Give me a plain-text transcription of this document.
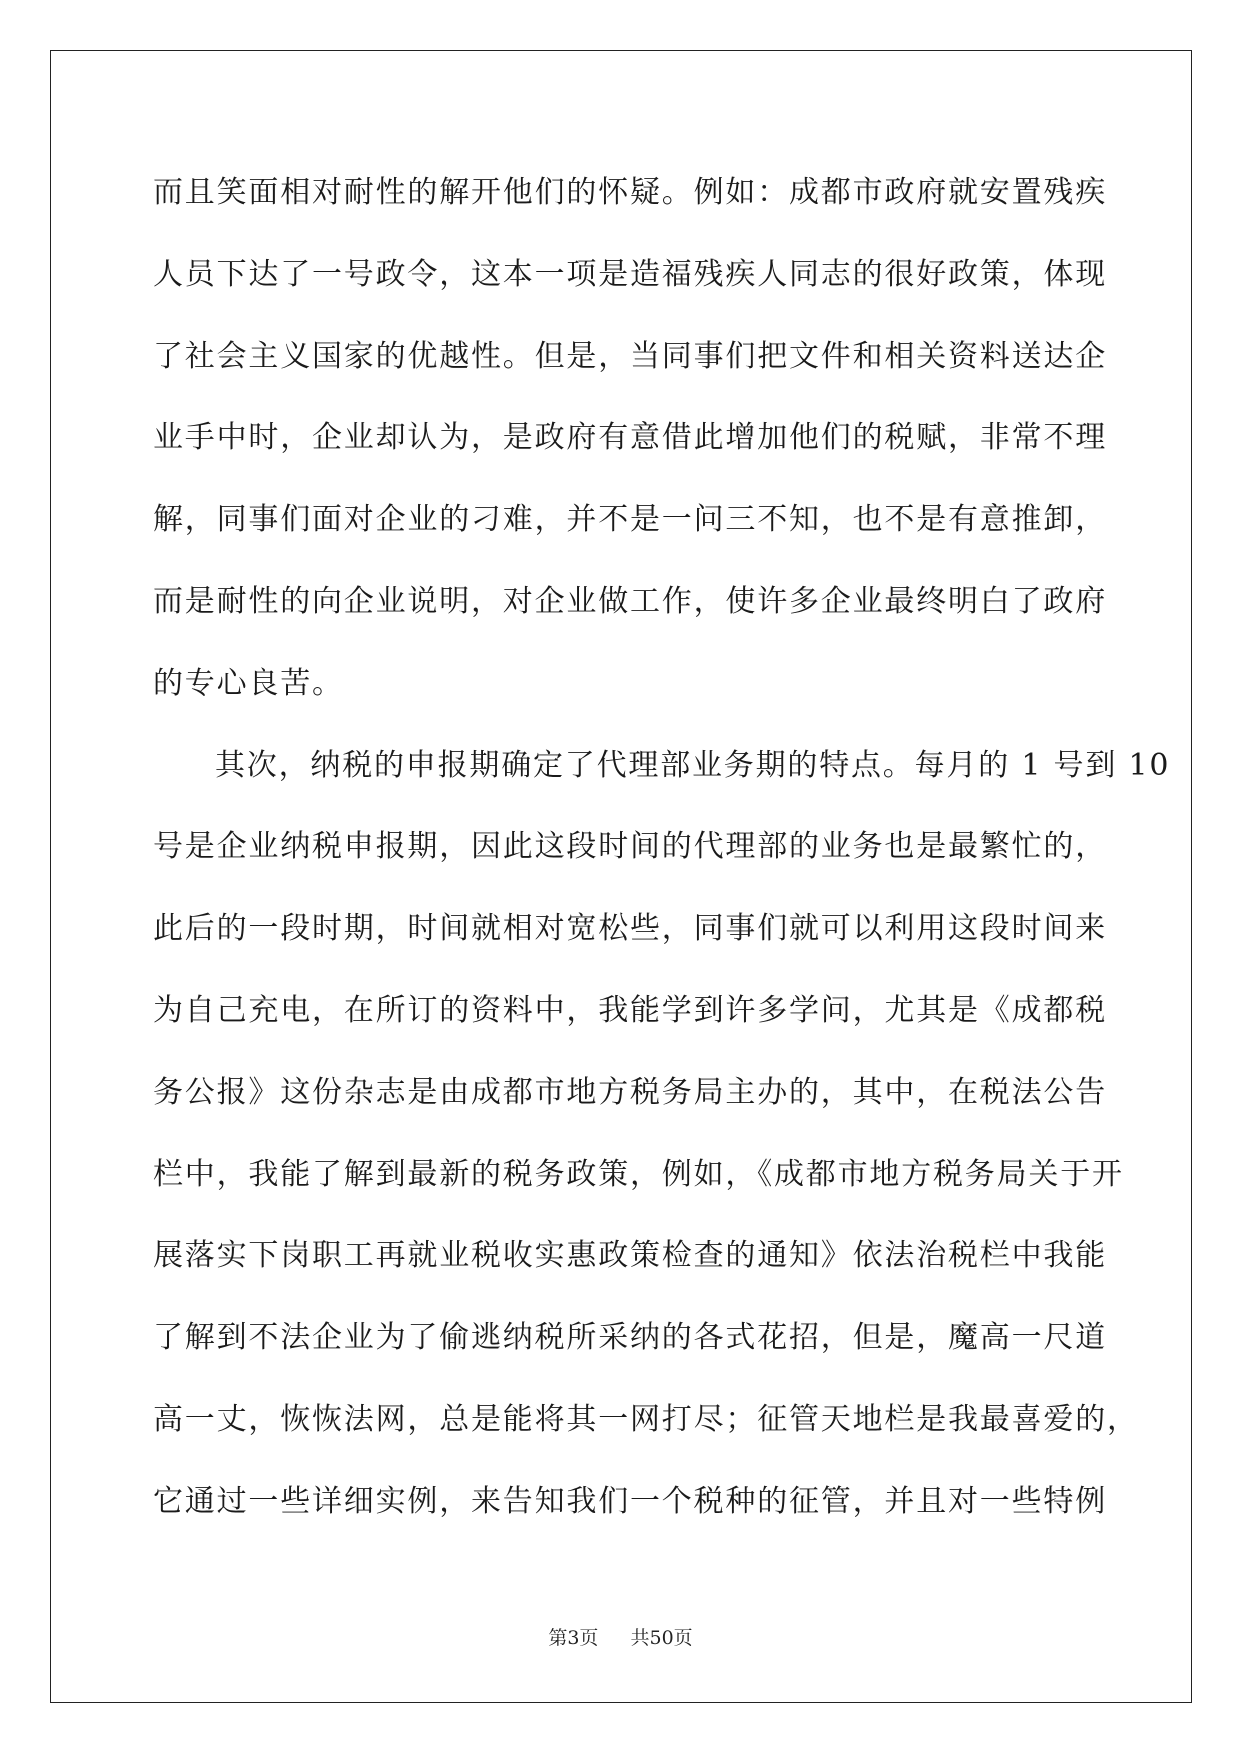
而且笑面相对耐性的解开他们的怀疑。例如：成都市政府就安置残疾
人员下达了一号政令，这本一项是造福残疾人同志的很好政策，体现
了社会主义国家的优越性。但是，当同事们把文件和相关资料送达企
业手中时，企业却认为，是政府有意借此增加他们的税赋，非常不理
解，同事们面对企业的刁难，并不是一问三不知，也不是有意推卸，
而是耐性的向企业说明，对企业做工作，使许多企业最终明白了政府
的专心良苦。
其次，纳税的申报期确定了代理部业务期的特点。每月的 1 号到 10
号是企业纳税申报期，因此这段时间的代理部的业务也是最繁忙的，
此后的一段时期，时间就相对宽松些，同事们就可以利用这段时间来
为自己充电，在所订的资料中，我能学到许多学问，尤其是《成都税
务公报》这份杂志是由成都市地方税务局主办的，其中，在税法公告
栏中，我能了解到最新的税务政策，例如，《成都市地方税务局关于开
展落实下岗职工再就业税收实惠政策检查的通知》依法治税栏中我能
了解到不法企业为了偷逃纳税所采纳的各式花招，但是，魔高一尺道
高一丈，恢恢法网，总是能将其一网打尽；征管天地栏是我最喜爱的，
它通过一些详细实例，来告知我们一个税种的征管，并且对一些特例
第3页 共50页
